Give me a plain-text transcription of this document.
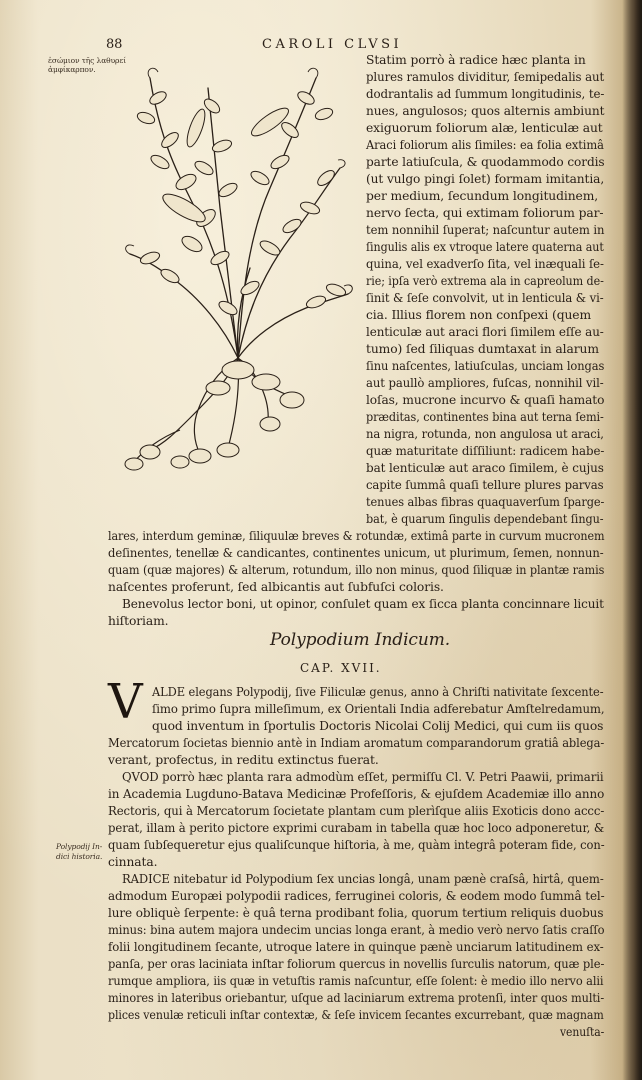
88	CAROLI CLVSI
ἐσώμιον τῆς λαθυρεί
ἀμφίκαρπον.
Statim porrò à radice hæc planta in
plures ramulos dividitur, ſemipedalis aut
dodrantalis ad ſummum longitudinis, te-
nues, angulosos; quos alternis ambiunt
exiguorum foliorum alæ, lenticulæ aut
Araci foliorum alis ſimiles: ea folia extimâ
parte latiuſcula, & quodammodo cordis
(ut vulgo pingi ſolet) formam imitantia,
per medium, ſecundum longitudinem,
nervo ſecta, qui extimam foliorum par-
tem nonnihil ſuperat; naſcuntur autem in
ſingulis alis ex vtroque latere quaterna aut
quina, vel exadverſo ſita, vel inæquali ſe-
rie; ipſa verò extrema ala in capreolum de-
ſinit & ſeſe convolvit, ut in lenticula & vi-
cia. Illius florem non conſpexi (quem
lenticulæ aut araci flori ſimilem eſſe au-
tumo) ſed ſiliquas dumtaxat in alarum
ſinu naſcentes, latiuſculas, unciam longas
aut paullò ampliores, fuſcas, nonnihil vil-
loſas, mucrone incurvo & quaſi hamato
præditas, continentes bina aut terna ſemi-
na nigra, rotunda, non angulosa ut araci,
quæ maturitate diſſiliunt: radicem habe-
bat lenticulæ aut araco ſimilem, è cujus
capite ſummâ quaſi tellure plures parvas
tenues albas fibras quaquaverſum ſparge-
bat, è quarum ſingulis dependebant ſingu-
lares, interdum geminæ, ſiliquulæ breves & rotundæ, extimâ parte in curvum mucronem
deſinentes, tenellæ & candicantes, continentes unicum, ut plurimum, ſemen, nonnun-
quam (quæ majores) & alterum, rotundum, illo non minus, quod ſiliquæ in plantæ ramis
naſcentes proferunt, ſed albicantis aut ſubfuſci coloris.
Benevolus lector boni, ut opinor, conſulet quam ex ſicca planta concinnare licuit
hiſtoriam.
Polypodium Indicum.
CAP. XVII.
V
Polypodij In-
dici historia.
ALDE elegans Polypodij, ſive Filiculæ genus, anno à Chriſti nativitate ſexcente-
ſimo primo ſupra milleſimum, ex Orientali India adferebatur Amſtelredamum,
quod inventum in ſportulis Doctoris Nicolai Colij Medici, qui cum iis quos
Mercatorum ſocietas biennio antè in Indiam aromatum comparandorum gratiâ ablega-
verant, profectus, in reditu extinctus fuerat.
QVOD porrò hæc planta rara admodùm eſſet, permiſſu Cl. V. Petri Paawii, primarii
in Academia Lugduno-Batava Medicinæ Profeſſoris, & ejuſdem Academiæ illo anno
Rectoris, qui à Mercatorum ſocietate plantam cum plerìſque aliis Exoticis dono accc-
perat, illam à perito pictore exprimi curabam in tabella quæ hoc loco adponeretur, &
quam ſubſequeretur ejus qualiſcunque hiſtoria, à me, quàm integrâ poteram fide, con-
cinnata.
RADICE nitebatur id Polypodium ſex uncias longâ, unam pænè craſsâ, hirtâ, quem-
admodum Europæi polypodii radices, ferruginei coloris, & eodem modo ſummâ tel-
lure obliquè ſerpente: è quâ terna prodibant folia, quorum tertium reliquis duobus
minus: bina autem majora undecim uncias longa erant, à medio verò nervo ſatis craſſo
folii longitudinem ſecante, utroque latere in quinque pænè unciarum latitudinem ex-
panſa, per oras laciniata inſtar foliorum quercus in novellis ſurculis natorum, quæ ple-
rumque ampliora, iis quæ in vetuſtis ramis naſcuntur, eſſe ſolent: è medio illo nervo alii
minores in lateribus oriebantur, uſque ad laciniarum extrema protenſi, inter quos multi-
plices venulæ reticuli inſtar contextæ, & ſeſe invicem ſecantes excurrebant, quæ magnam
venuſta-
